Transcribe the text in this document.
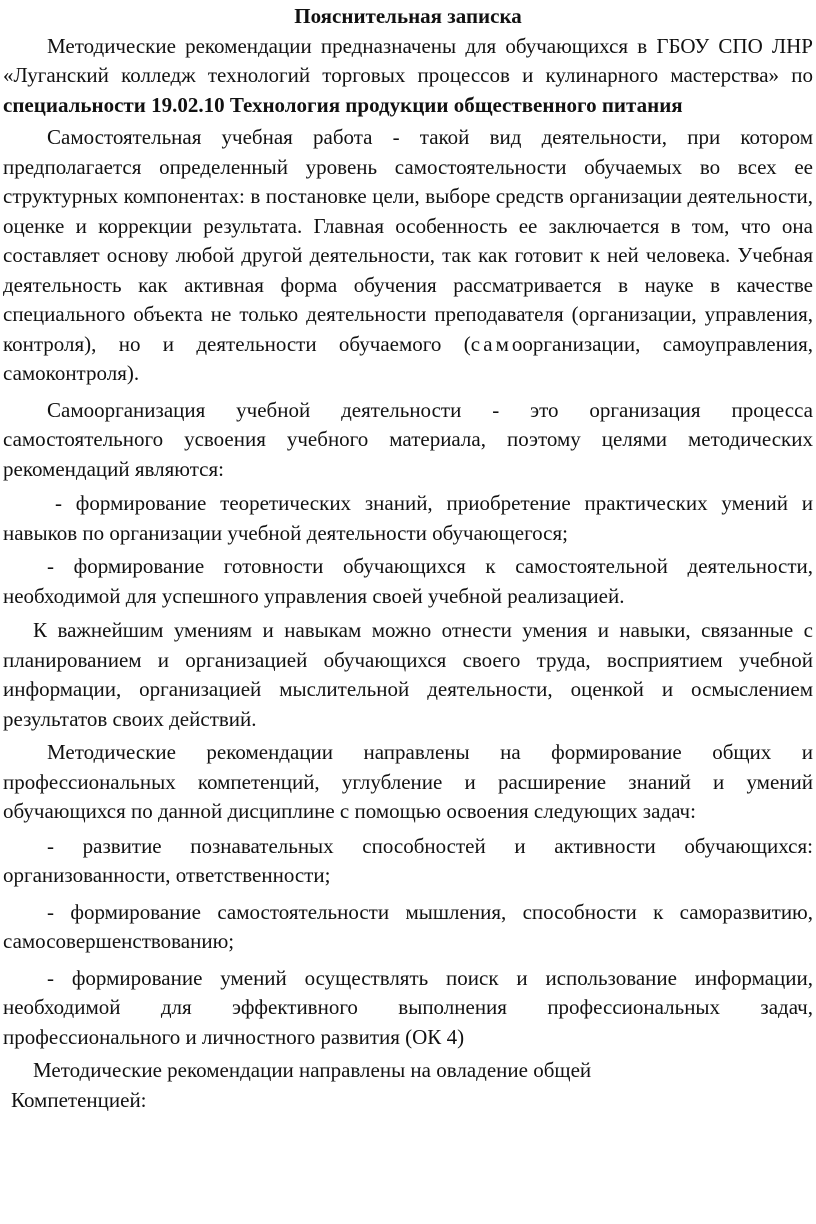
Пояснительная записка

Методические рекомендации предназначены для обучающихся в ГБОУ СПО ЛНР «Луганский колледж технологий торговых процессов и кулинарного мастерства» по специальности 19.02.10 Технология продукции общественного питания

Самостоятельная учебная работа - такой вид деятельности, при котором предполагается определенный уровень самостоятельности обучаемых во всех ее структурных компонентах: в постановке цели, выборе средств организации деятельности, оценке и коррекции результата. Главная особенность ее заключается в том, что она составляет основу любой другой деятельности, так как готовит к ней человека. Учебная деятельность как активная форма обучения рассматривается в науке в качестве специального объекта не только деятельности преподавателя (организации, управления, контроля), но и деятельности обучаемого (самоорганизации, самоуправления, самоконтроля).

Самоорганизация учебной деятельности - это организация процесса самостоятельного усвоения учебного материала, поэтому целями методических рекомендаций являются:

- формирование теоретических знаний, приобретение практических умений и навыков по организации учебной деятельности обучающегося;

- формирование готовности обучающихся к самостоятельной деятельности, необходимой для успешного управления своей учебной реализацией.

К важнейшим умениям и навыкам можно отнести умения и навыки, связанные с планированием и организацией обучающихся своего труда, восприятием учебной информации, организацией мыслительной деятельности, оценкой и осмыслением результатов своих действий.

Методические рекомендации направлены на формирование общих и профессиональных компетенций, углубление и расширение знаний и умений обучающихся по данной дисциплине с помощью освоения следующих задач:

- развитие познавательных способностей и активности обучающихся: организованности, ответственности;

- формирование самостоятельности мышления, способности к саморазвитию, самосовершенствованию;

- формирование умений осуществлять поиск и использование информации, необходимой для эффективного выполнения профессиональных задач, профессионального и личностного развития (ОК 4)

Методические рекомендации направлены на овладение общей

Компетенцией:
